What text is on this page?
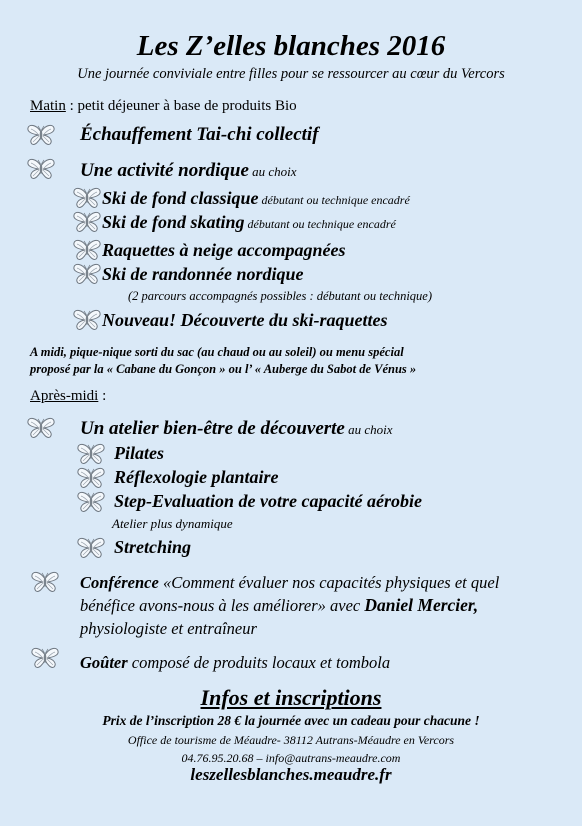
Les Z’elles blanches 2016
Une journée conviviale entre filles pour se ressourcer au cœur du Vercors
Matin : petit déjeuner à base de produits Bio
Échauffement Tai-chi collectif
Une activité nordique au choix
Ski de fond classique débutant ou technique encadré
Ski de fond skating débutant ou technique encadré
Raquettes à neige accompagnées
Ski de randonnée nordique
(2 parcours accompagnés possibles : débutant ou technique)
Nouveau! Découverte du ski-raquettes
A midi, pique-nique sorti du sac (au chaud ou au soleil) ou menu spécial
proposé par la « Cabane du Gonçon » ou l’ « Auberge du Sabot de Vénus »
Après-midi :
Un atelier bien-être de découverte au choix
Pilates
Réflexologie plantaire
Step-Evaluation de votre capacité aérobie
Atelier plus dynamique
Stretching
Conférence «Comment évaluer nos capacités physiques et quel bénéfice avons-nous à les améliorer» avec Daniel Mercier, physiologiste et entraîneur
Goûter composé de produits locaux et tombola
Infos et inscriptions
Prix de l’inscription 28 € la journée avec un cadeau pour chacune !
Office de tourisme de Méaudre- 38112 Autrans-Méaudre en Vercors
04.76.95.20.68 – info@autrans-meaudre.com
leszellesblanches.meaudre.fr
